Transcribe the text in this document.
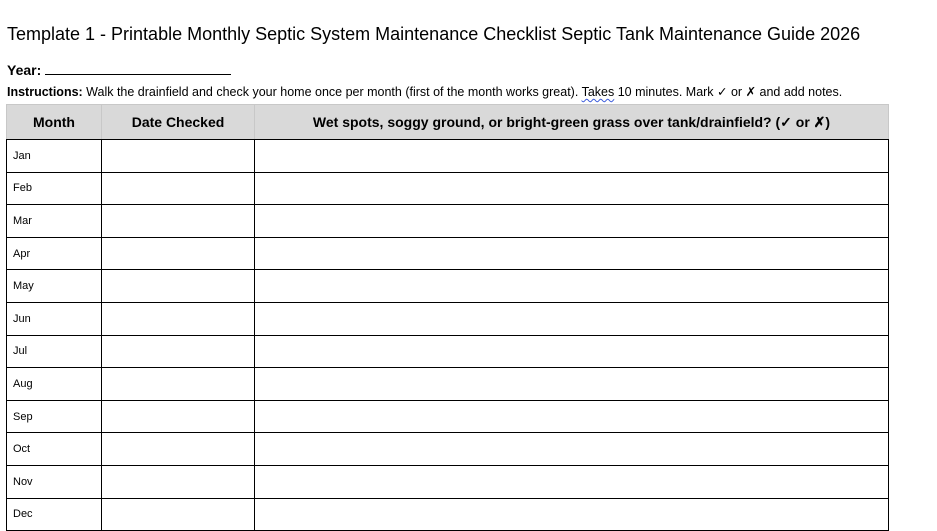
Template 1 - Printable Monthly Septic System Maintenance Checklist Septic Tank Maintenance Guide 2026
Year:
Instructions: Walk the drainfield and check your home once per month (first of the month works great). Takes 10 minutes. Mark ✓ or ✗ and add notes.
Month	Date Checked	Wet spots, soggy ground, or bright-green grass over tank/drainfield? (✓ or ✗)
Jan		
Feb		
Mar		
Apr		
May		
Jun		
Jul		
Aug		
Sep		
Oct		
Nov		
Dec		
